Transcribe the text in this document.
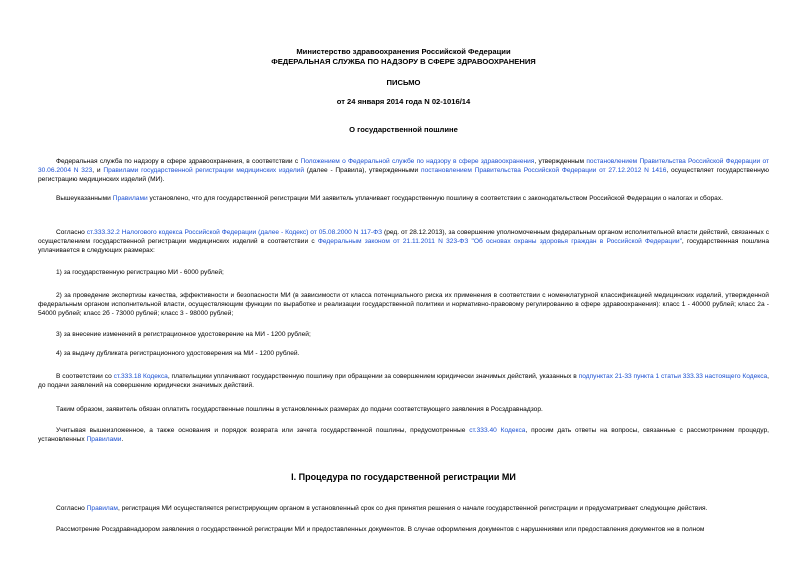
Министерство здравоохранения Российской Федерации
ФЕДЕРАЛЬНАЯ СЛУЖБА ПО НАДЗОРУ В СФЕРЕ ЗДРАВООХРАНЕНИЯ
ПИСЬМО
от 24 января 2014 года N 02-1016/14
О государственной пошлине
Федеральная служба по надзору в сфере здравоохранения, в соответствии с Положением о Федеральной службе по надзору в сфере здравоохранения, утвержденным постановлением Правительства Российской Федерации от 30.06.2004 N 323, и Правилами государственной регистрации медицинских изделий (далее - Правила), утвержденными постановлением Правительства Российской Федерации от 27.12.2012 N 1416, осуществляет государственную регистрацию медицинских изделий (МИ).
Вышеуказанными Правилами установлено, что для государственной регистрации МИ заявитель уплачивает государственную пошлину в соответствии с законодательством Российской Федерации о налогах и сборах.
Согласно ст.333.32.2 Налогового кодекса Российской Федерации (далее - Кодекс) от 05.08.2000 N 117-ФЗ (ред. от 28.12.2013), за совершение уполномоченным федеральным органом исполнительной власти действий, связанных с осуществлением государственной регистрации медицинских изделий в соответствии с Федеральным законом от 21.11.2011 N 323-ФЗ "Об основах охраны здоровья граждан в Российской Федерации", государственная пошлина уплачивается в следующих размерах:
1) за государственную регистрацию МИ - 6000 рублей;
2) за проведение экспертизы качества, эффективности и безопасности МИ (в зависимости от класса потенциального риска их применения в соответствии с номенклатурной классификацией медицинских изделий, утвержденной федеральным органом исполнительной власти, осуществляющим функции по выработке и реализации государственной политики и нормативно-правовому регулированию в сфере здравоохранения): класс 1 - 40000 рублей; класс 2а - 54000 рублей; класс 2б - 73000 рублей; класс 3 - 98000 рублей;
3) за внесение изменений в регистрационное удостоверение на МИ - 1200 рублей;
4) за выдачу дубликата регистрационного удостоверения на МИ - 1200 рублей.
В соответствии со ст.333.18 Кодекса, плательщики уплачивают государственную пошлину при обращении за совершением юридически значимых действий, указанных в подпунктах 21-33 пункта 1 статьи 333.33 настоящего Кодекса, до подачи заявлений на совершение юридически значимых действий.
Таким образом, заявитель обязан оплатить государственные пошлины в установленных размерах до подачи соответствующего заявления в Росздравнадзор.
Учитывая вышеизложенное, а также основания и порядок возврата или зачета государственной пошлины, предусмотренные ст.333.40 Кодекса, просим дать ответы на вопросы, связанные с рассмотрением процедур, установленных Правилами.
I. Процедура по государственной регистрации МИ
Согласно Правилам, регистрация МИ осуществляется регистрирующим органом в установленный срок со дня принятия решения о начале государственной регистрации и предусматривает следующие действия.
Рассмотрение Росздравнадзором заявления о государственной регистрации МИ и предоставленных документов. В случае оформления документов с нарушениями или предоставления документов не в полном
